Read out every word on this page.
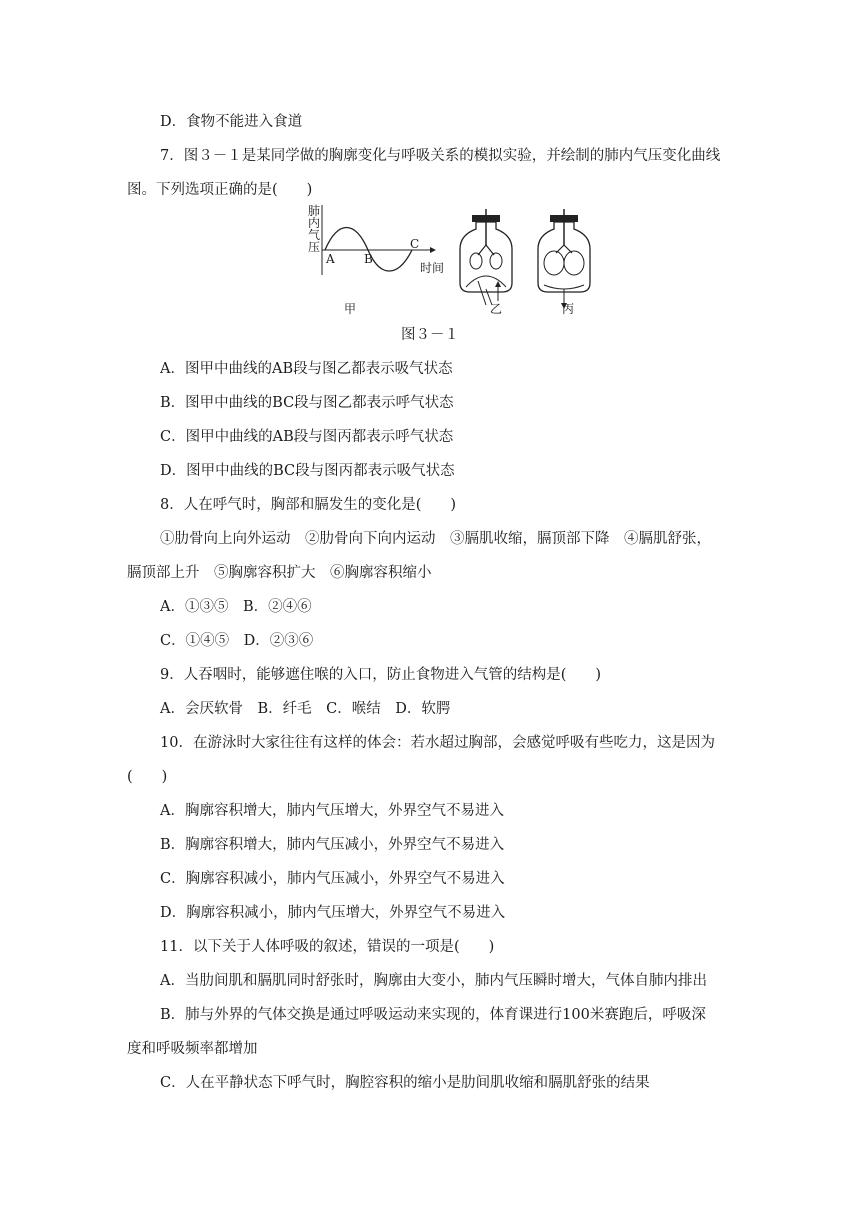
D．食物不能进入食道
7．图３－１是某同学做的胸廓变化与呼吸关系的模拟实验，并绘制的肺内气压变化曲线
图。下列选项正确的是(　　)
肺
内
气
压
A B
C
时间
甲	乙	丙
图３－１
A．图甲中曲线的AB段与图乙都表示吸气状态
B．图甲中曲线的BC段与图乙都表示呼气状态
C．图甲中曲线的AB段与图丙都表示呼气状态
D．图甲中曲线的BC段与图丙都表示吸气状态
8．人在呼气时，胸部和膈发生的变化是(　　)
①肋骨向上向外运动　②肋骨向下向内运动　③膈肌收缩，膈顶部下降　④膈肌舒张，
膈顶部上升　⑤胸廓容积扩大　⑥胸廓容积缩小
A．①③⑤　B．②④⑥
C．①④⑤　D．②③⑥
9．人吞咽时，能够遮住喉的入口，防止食物进入气管的结构是(　　)
A．会厌软骨　B．纤毛　C．喉结　D．软腭
10．在游泳时大家往往有这样的体会：若水超过胸部，会感觉呼吸有些吃力，这是因为
(　　)
A．胸廓容积增大，肺内气压增大，外界空气不易进入
B．胸廓容积增大，肺内气压减小，外界空气不易进入
C．胸廓容积减小，肺内气压减小，外界空气不易进入
D．胸廓容积减小，肺内气压增大，外界空气不易进入
11．以下关于人体呼吸的叙述，错误的一项是(　　)
A．当肋间肌和膈肌同时舒张时，胸廓由大变小，肺内气压瞬时增大，气体自肺内排出
B．肺与外界的气体交换是通过呼吸运动来实现的，体育课进行100米赛跑后，呼吸深
度和呼吸频率都增加
C．人在平静状态下呼气时，胸腔容积的缩小是肋间肌收缩和膈肌舒张的结果
